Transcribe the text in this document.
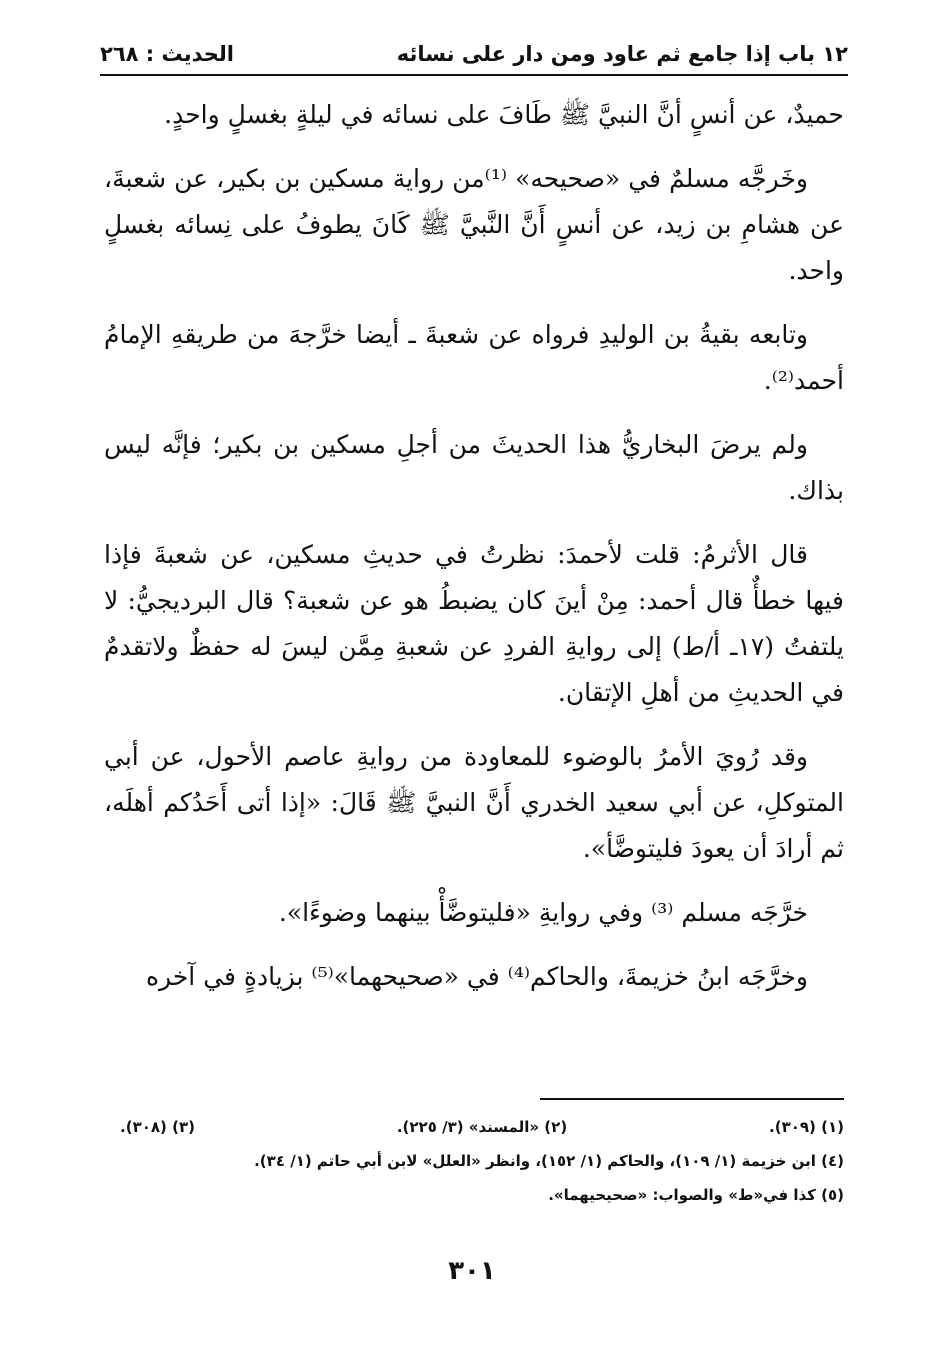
١٢ باب إذا جامع ثم عاود ومن دار على نسائه
الحديث : ٢٦٨

حميدٌ، عن أنسٍ أنَّ النبيَّ ﷺ طَافَ على نسائه في ليلةٍ بغسلٍ واحدٍ.

وخَرجَّه مسلمٌ في «صحيحه» ⁽¹⁾من رواية مسكين بن بكير، عن شعبةَ، عن هشامِ بن زيد، عن أنسٍ أَنَّ النَّبيَّ ﷺ كَانَ يطوفُ على نِسائه بغسلٍ واحد.

وتابعه بقيةُ بن الوليدِ فرواه عن شعبةَ ـ أيضا خرَّجهَ من طريقهِ الإمامُ أحمد⁽²⁾.

ولم يرضَ البخاريُّ هذا الحديثَ من أجلِ مسكين بن بكير؛ فإنَّه ليس بذاك.

قال الأثرمُ: قلت لأحمدَ: نظرتُ في حديثِ مسكين، عن شعبةَ فإذا فيها خطأٌ قال أحمد: مِنْ أينَ كان يضبطُ هو عن شعبة؟ قال البرديجيُّ: لا يلتفتُ (١٧ـ أ/ط) إلى روايةِ الفردِ عن شعبةِ مِمَّن ليسَ له حفظٌ ولاتقدمٌ في الحديثِ من أهلِ الإتقان.

وقد رُويَ الأمرُ بالوضوء للمعاودة من روايةِ عاصم الأحول، عن أبي المتوكلِ، عن أبي سعيد الخدري أَنَّ النبيَّ ﷺ قَالَ: «إذا أتى أَحَدُكم أهلَه، ثم أرادَ أن يعودَ فليتوضَّأ».

خرَّجَه مسلم ⁽³⁾ وفي روايةِ «فليتوضَّأْ بينهما وضوءًا».

وخرَّجَه ابنُ خزيمةَ، والحاكم⁽⁴⁾ في «صحيحهما»⁽⁵⁾ بزيادةٍ في آخره

(١) (٣٠٩).
(٢) «المسند» (٣/ ٢٢٥).
(٣) (٣٠٨).
(٤) ابن خزيمة (١/ ١٠٩)، والحاكم (١/ ١٥٢)، وانظر «العلل» لابن أبي حاتم (١/ ٣٤).
(٥) كذا في«ط» والصواب: «صحيحيهما».
٣٠١
